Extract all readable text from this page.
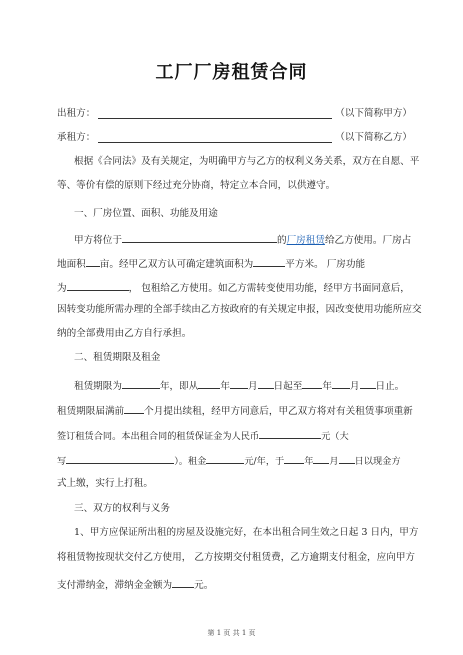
工厂厂房租赁合同
出租方：	（以下简称甲方）
承租方：	（以下简称乙方）
根据《合同法》及有关规定，为明确甲方与乙方的权利义务关系，双方在自愿、平
等、等价有偿的原则下经过充分协商，特定立本合同，以供遵守。
一、厂房位置、面积、功能及用途
甲方将位于	的厂房租赁给乙方使用。厂房占
地面积 亩。经甲乙双方认可确定建筑面积为	平方米。 厂房功能
为	， 包租给乙方使用。如乙方需转变使用功能，经甲方书面同意后，
因转变功能所需办理的全部手续由乙方按政府的有关规定申报，因改变使用功能所应交
纳的全部费用由乙方自行承担。
二、租赁期限及租金
租赁期限为	年，即从 年 月 日起至 年 月 日止。
租赁期限届满前 个月提出续租，经甲方同意后，甲乙双方将对有关租赁事项重新
签订租赁合同。本出租合同的租赁保证金为人民币	元（大
写	）。租金	元/年，于 年 月 日以现金方
式上缴，实行上打租。
三、双方的权利与义务
1、甲方应保证所出租的房屋及设施完好，在本出租合同生效之日起 3 日内，甲方
将租赁物按现状交付乙方使用， 乙方按期交付租赁费，乙方逾期支付租金，应向甲方
支付滞纳金，滞纳金金额为 元。
第 1 页 共 1 页
